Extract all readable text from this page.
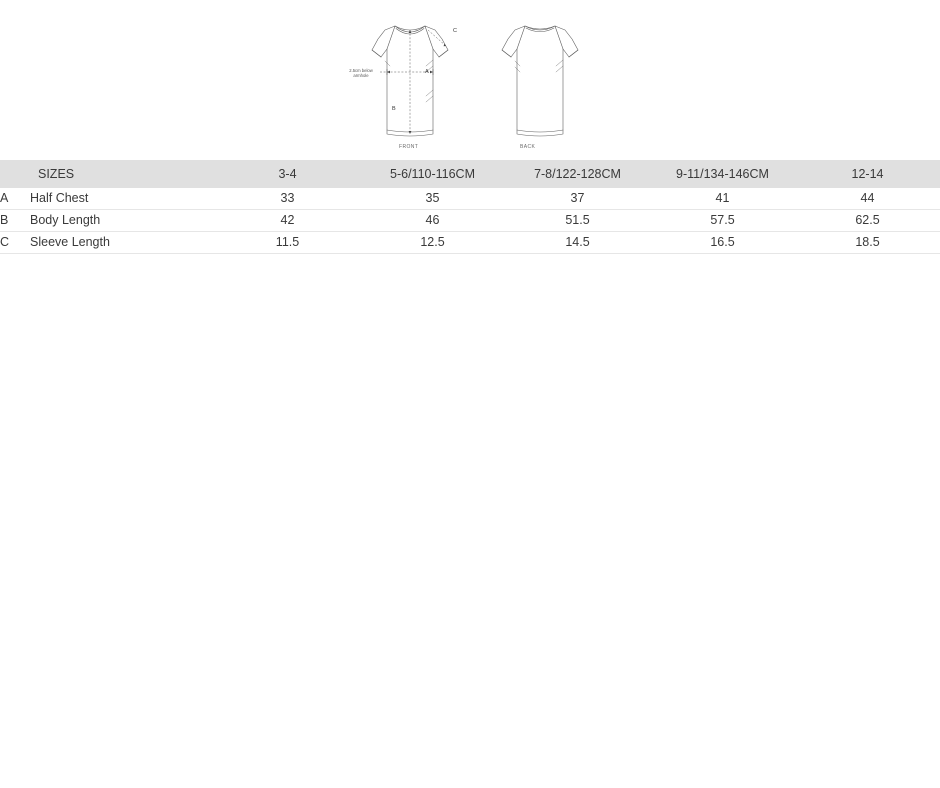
2.5cm below armhole
A
B
C
FRONT	BACK
	SIZES	3-4	5-6/110-116CM	7-8/122-128CM	9-11/134-146CM	12-14
A	Half Chest	33	35	37	41	44
B	Body Length	42	46	51.5	57.5	62.5
C	Sleeve Length	11.5	12.5	14.5	16.5	18.5
